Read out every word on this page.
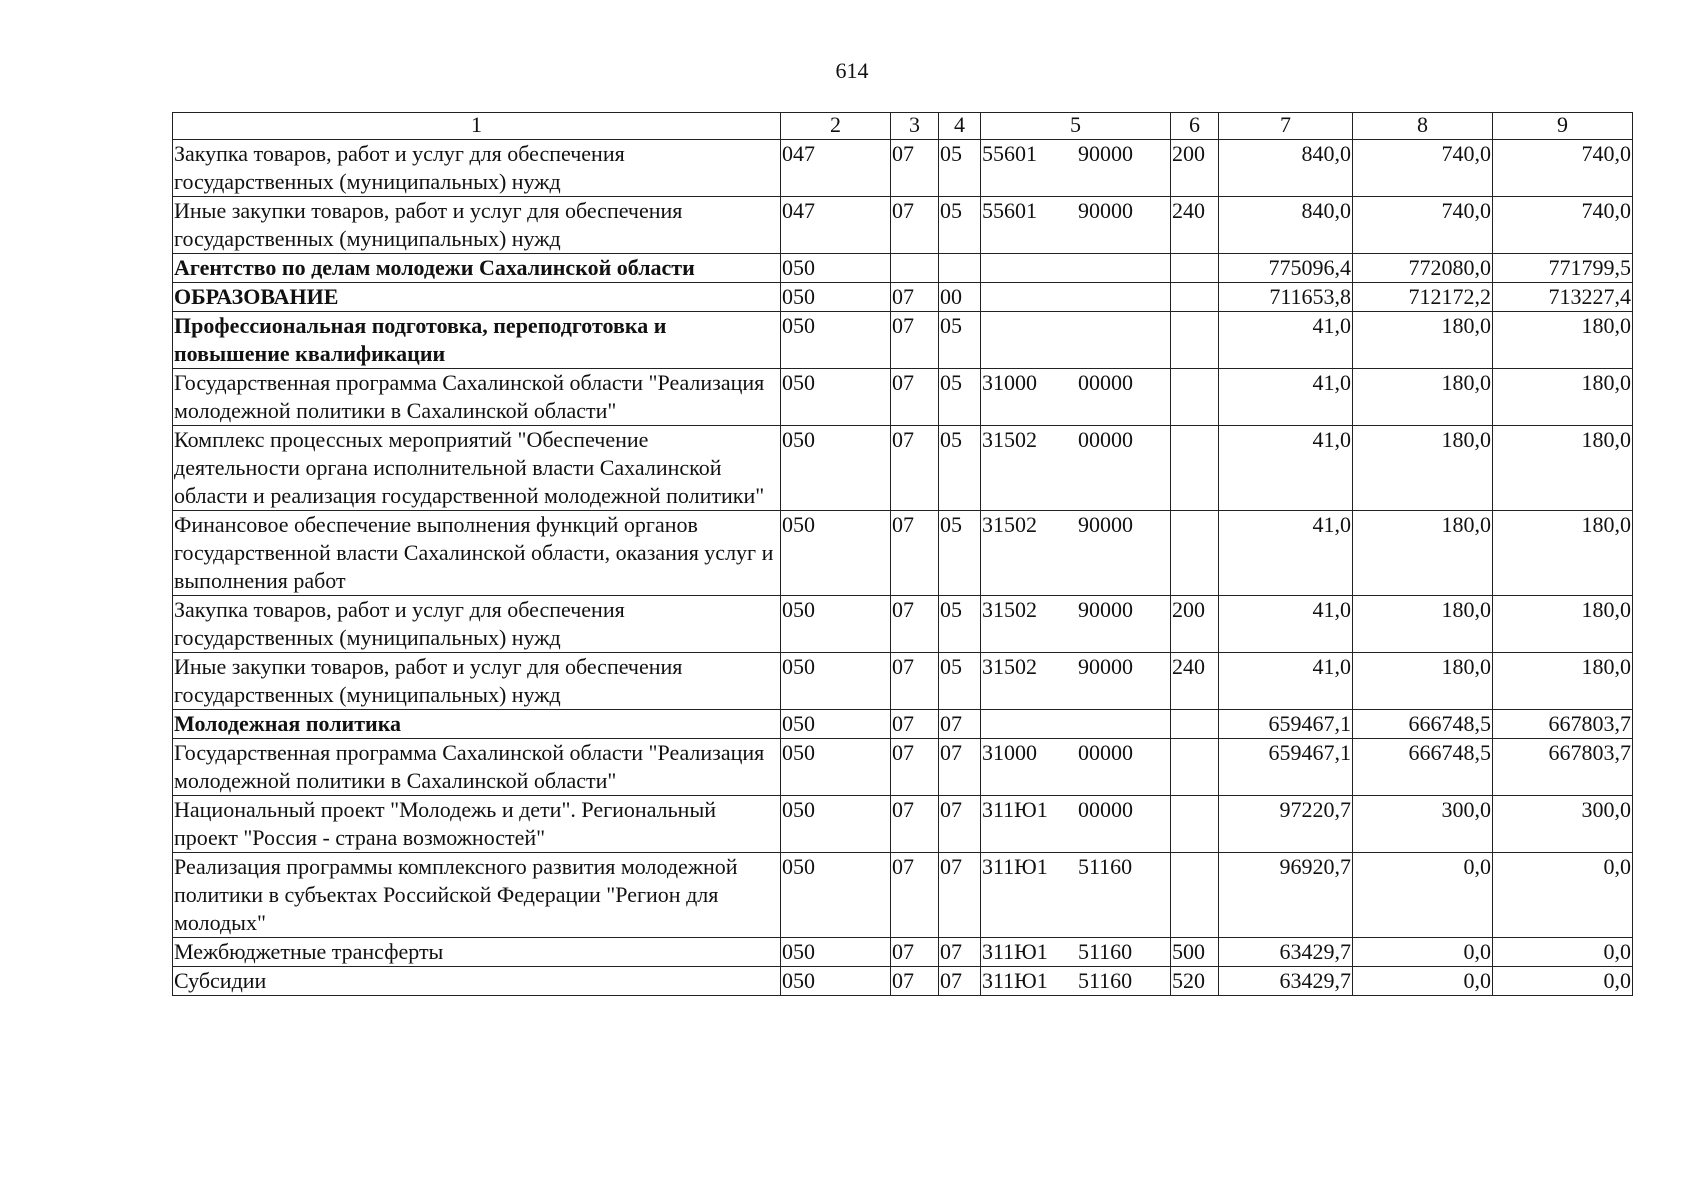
614
1	2	3	4	5	6	7	8	9
Закупка товаров, работ и услуг для обеспечения государственных (муниципальных) нужд	047	07	05	55601 90000	200	840,0	740,0	740,0
Иные закупки товаров, работ и услуг для обеспечения государственных (муниципальных) нужд	047	07	05	55601 90000	240	840,0	740,0	740,0
Агентство по делам молодежи Сахалинской области	050					775096,4	772080,0	771799,5
ОБРАЗОВАНИЕ	050	07	00			711653,8	712172,2	713227,4
Профессиональная подготовка, переподготовка и повышение квалификации	050	07	05			41,0	180,0	180,0
Государственная программа Сахалинской области "Реализация молодежной политики в Сахалинской области"	050	07	05	31000 00000		41,0	180,0	180,0
Комплекс процессных мероприятий "Обеспечение деятельности органа исполнительной власти Сахалинской области и реализация государственной молодежной политики"	050	07	05	31502 00000		41,0	180,0	180,0
Финансовое обеспечение выполнения функций органов государственной власти Сахалинской области, оказания услуг и выполнения работ	050	07	05	31502 90000		41,0	180,0	180,0
Закупка товаров, работ и услуг для обеспечения государственных (муниципальных) нужд	050	07	05	31502 90000	200	41,0	180,0	180,0
Иные закупки товаров, работ и услуг для обеспечения государственных (муниципальных) нужд	050	07	05	31502 90000	240	41,0	180,0	180,0
Молодежная политика	050	07	07			659467,1	666748,5	667803,7
Государственная программа Сахалинской области "Реализация молодежной политики в Сахалинской области"	050	07	07	31000 00000		659467,1	666748,5	667803,7
Национальный проект "Молодежь и дети". Региональный проект "Россия - страна возможностей"	050	07	07	311Ю1 00000		97220,7	300,0	300,0
Реализация программы комплексного развития молодежной политики в субъектах Российской Федерации "Регион для молодых"	050	07	07	311Ю1 51160		96920,7	0,0	0,0
Межбюджетные трансферты	050	07	07	311Ю1 51160	500	63429,7	0,0	0,0
Субсидии	050	07	07	311Ю1 51160	520	63429,7	0,0	0,0
